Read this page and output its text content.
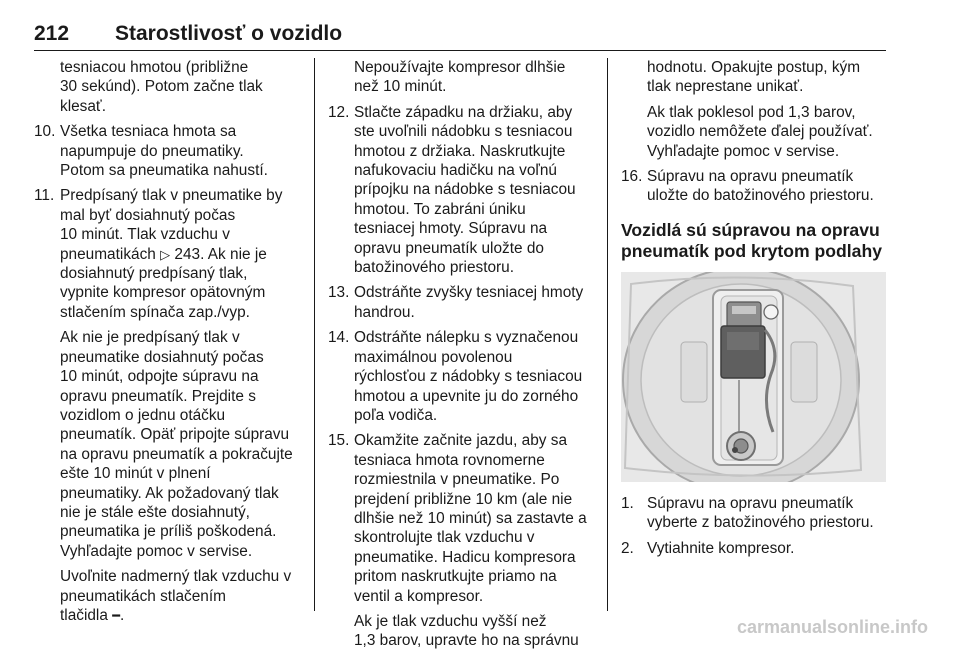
212 Starostlivosť o vozidlo
tesniacou hmotou (približne
30 sekúnd). Potom začne tlak
klesať.
10. Všetka tesniaca hmota sa
napumpuje do pneumatiky.
Potom sa pneumatika nahustí.
11. Predpísaný tlak v pneumatike by
mal byť dosiahnutý počas
10 minút. Tlak vzduchu v
pneumatikách ▷ 243. Ak nie je
dosiahnutý predpísaný tlak,
vypnite kompresor opätovným
stlačením spínača zap./vyp.
Ak nie je predpísaný tlak v
pneumatike dosiahnutý počas
10 minút, odpojte súpravu na
opravu pneumatík. Prejdite s
vozidlom o jednu otáčku
pneumatík. Opäť pripojte súpravu
na opravu pneumatík a pokračujte
ešte 10 minút v plnení
pneumatiky. Ak požadovaný tlak
nie je stále ešte dosiahnutý,
pneumatika je príliš poškodená.
Vyhľadajte pomoc v servise.
Uvoľnite nadmerný tlak vzduchu v
pneumatikách stlačením
tlačidla ━.
Nepoužívajte kompresor dlhšie
než 10 minút.
12. Stlačte západku na držiaku, aby
ste uvoľnili nádobku s tesniacou
hmotou z držiaka. Naskrutkujte
nafukovaciu hadičku na voľnú
prípojku na nádobke s tesniacou
hmotou. To zabráni úniku
tesniacej hmoty. Súpravu na
opravu pneumatík uložte do
batožinového priestoru.
13. Odstráňte zvyšky tesniacej hmoty
handrou.
14. Odstráňte nálepku s vyznačenou
maximálnou povolenou
rýchlosťou z nádobky s tesniacou
hmotou a upevnite ju do zorného
poľa vodiča.
15. Okamžite začnite jazdu, aby sa
tesniaca hmota rovnomerne
rozmiestnila v pneumatike. Po
prejdení približne 10 km (ale nie
dlhšie než 10 minút) sa zastavte a
skontrolujte tlak vzduchu v
pneumatike. Hadicu kompresora
pritom naskrutkujte priamo na
ventil a kompresor.
Ak je tlak vzduchu vyšší než
1,3 barov, upravte ho na správnu
hodnotu. Opakujte postup, kým
tlak neprestane unikať.
Ak tlak poklesol pod 1,3 barov,
vozidlo nemôžete ďalej používať.
Vyhľadajte pomoc v servise.
16. Súpravu na opravu pneumatík
uložte do batožinového priestoru.
Vozidlá sú súpravou na opravu
pneumatík pod krytom podlahy
1. Súpravu na opravu pneumatík
vyberte z batožinového priestoru.
2. Vytiahnite kompresor.
carmanualsonline.info
